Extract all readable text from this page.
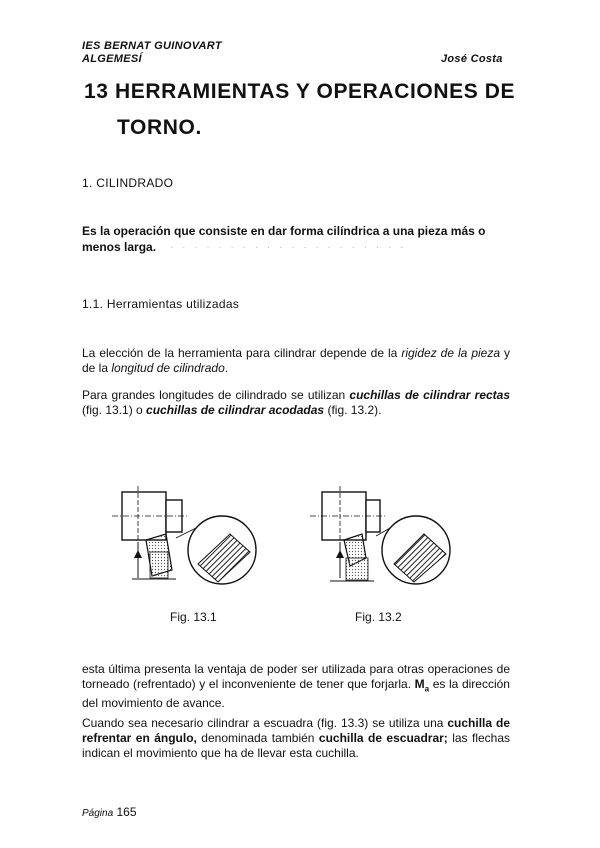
IES BERNAT GUINOVART
ALGEMESÍ	José Costa
13 HERRAMIENTAS Y OPERACIONES DE
TORNO.
1. CILINDRADO
Es la operación que consiste en dar forma cilíndrica a una pieza más o
menos larga. · · · · · · · · · · · · · · · · · · · ·
1.1. Herramientas utilizadas
La elección de la herramienta para cilindrar depende de la rigidez de la pieza y de la longitud de cilindrado.
Para grandes longitudes de cilindrado se utilizan cuchillas de cilindrar rectas (fig. 13.1) o cuchillas de cilindrar acodadas (fig. 13.2).
Fig. 13.1	Fig. 13.2
esta última presenta la ventaja de poder ser utilizada para otras operaciones de torneado (refrentado) y el inconveniente de tener que forjarla. $M_a$ es la dirección del movimiento de avance.
Cuando sea necesario cilindrar a escuadra (fig. 13.3) se utiliza una cuchilla de refrentar en ángulo, denominada también cuchilla de escuadrar; las flechas indican el movimiento que ha de llevar esta cuchilla.
Página 165
